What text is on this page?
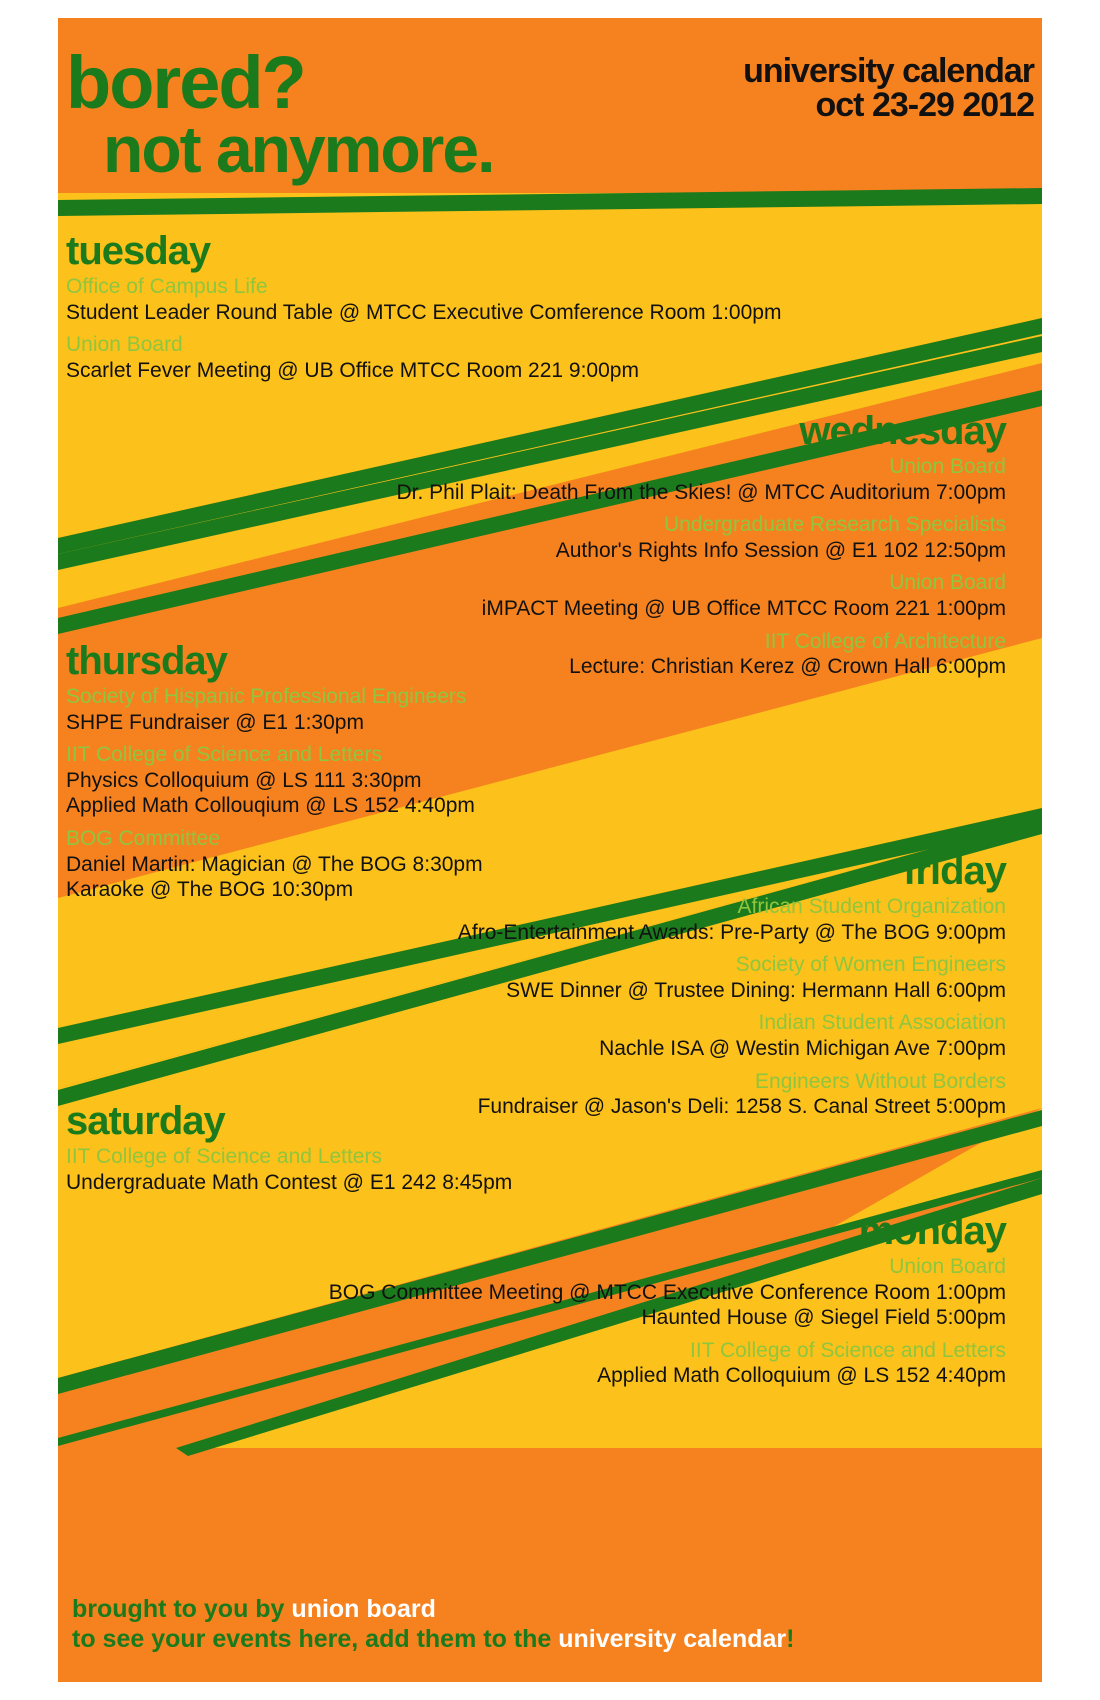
bored?
not anymore.
university calendar
oct 23-29 2012
tuesday
Office of Campus Life
Student Leader Round Table @ MTCC Executive Comference Room 1:00pm
Union Board
Scarlet Fever Meeting @ UB Office MTCC Room 221 9:00pm
wednesday
Union Board
Dr. Phil Plait: Death From the Skies! @ MTCC Auditorium 7:00pm
Undergraduate Research Specialists
Author's Rights Info Session @ E1 102 12:50pm
Union Board
iMPACT Meeting @ UB Office MTCC Room 221 1:00pm
IIT College of Architecture
Lecture: Christian Kerez @ Crown Hall 6:00pm
thursday
Society of Hispanic Professional Engineers
SHPE Fundraiser @ E1 1:30pm
IIT College of Science and Letters
Physics Colloquium @ LS 111 3:30pm
Applied Math Collouqium @ LS 152 4:40pm
BOG Committee
Daniel Martin: Magician @ The BOG 8:30pm
Karaoke @ The BOG 10:30pm	friday
African Student Organization
Afro-Entertainment Awards: Pre-Party @ The BOG 9:00pm
Society of Women Engineers
SWE Dinner @ Trustee Dining: Hermann Hall 6:00pm
Indian Student Association
Nachle ISA @ Westin Michigan Ave 7:00pm
Engineers Without Borders
Fundraiser @ Jason's Deli: 1258 S. Canal Street 5:00pm
saturday
IIT College of Science and Letters
Undergraduate Math Contest @ E1 242 8:45pm
monday
Union Board
BOG Committee Meeting @ MTCC Executive Conference Room 1:00pm
Haunted House @ Siegel Field 5:00pm
IIT College of Science and Letters
Applied Math Colloquium @ LS 152 4:40pm
brought to you by union board
to see your events here, add them to the university calendar!
